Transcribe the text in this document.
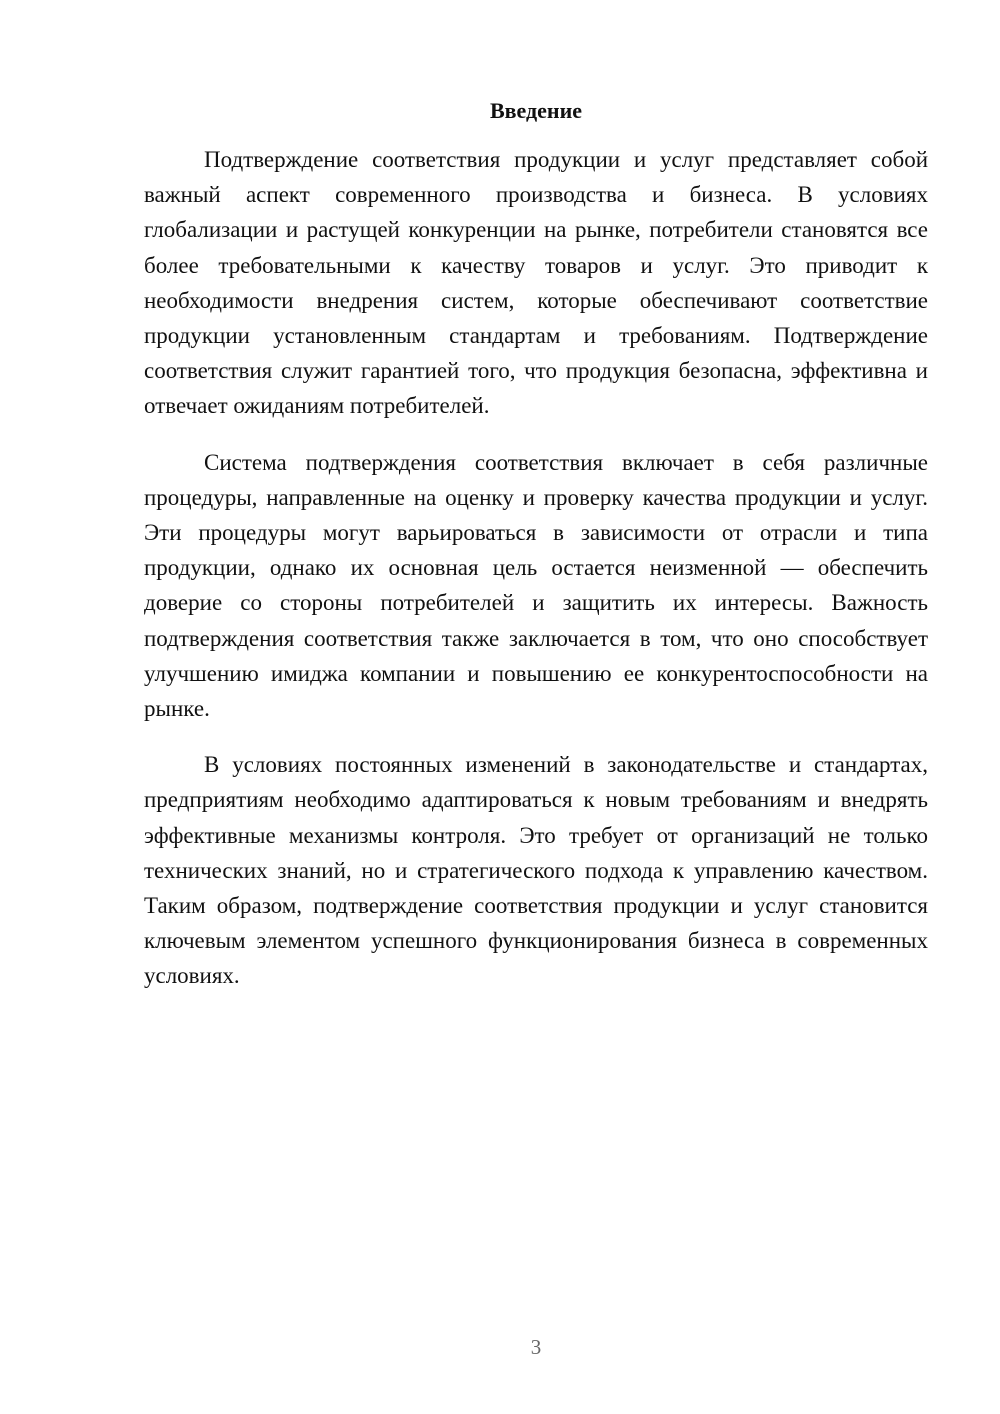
Введение

Подтверждение соответствия продукции и услуг представляет собой важный аспект современного производства и бизнеса. В условиях глобализации и растущей конкуренции на рынке, потребители становятся все более требовательными к качеству товаров и услуг. Это приводит к необходимости внедрения систем, которые обеспечивают соответствие продукции установленным стандартам и требованиям. Подтверждение соответствия служит гарантией того, что продукция безопасна, эффективна и отвечает ожиданиям потребителей.

Система подтверждения соответствия включает в себя различные процедуры, направленные на оценку и проверку качества продукции и услуг. Эти процедуры могут варьироваться в зависимости от отрасли и типа продукции, однако их основная цель остается неизменной — обеспечить доверие со стороны потребителей и защитить их интересы. Важность подтверждения соответствия также заключается в том, что оно способствует улучшению имиджа компании и повышению ее конкурентоспособности на рынке.

В условиях постоянных изменений в законодательстве и стандартах, предприятиям необходимо адаптироваться к новым требованиям и внедрять эффективные механизмы контроля. Это требует от организаций не только технических знаний, но и стратегического подхода к управлению качеством. Таким образом, подтверждение соответствия продукции и услуг становится ключевым элементом успешного функционирования бизнеса в современных условиях.

3
